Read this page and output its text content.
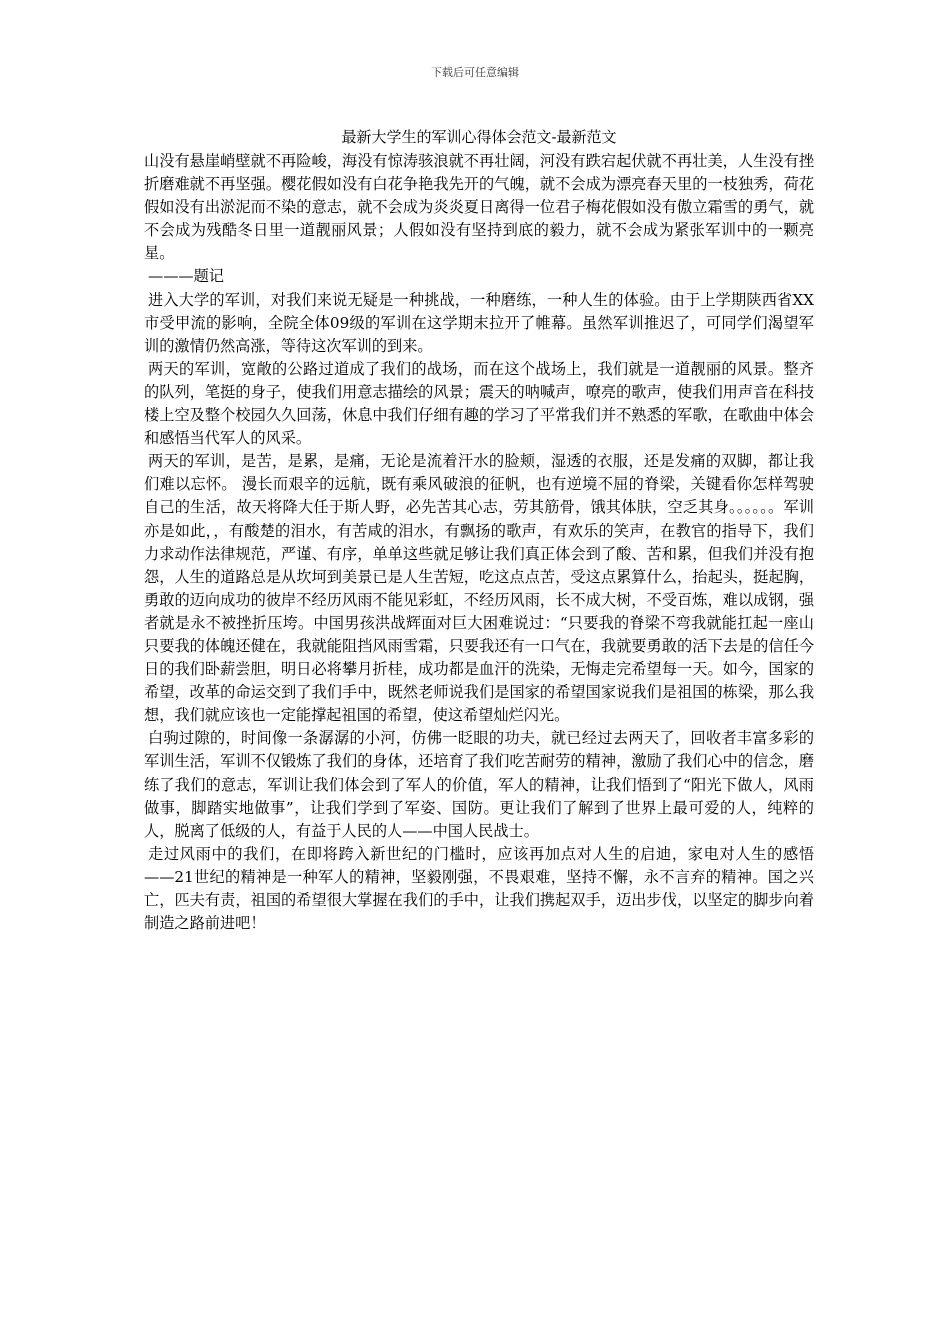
下载后可任意编辑
最新大学生的军训心得体会范文-最新范文

山没有悬崖峭壁就不再险峻，海没有惊涛骇浪就不再壮阔，河没有跌宕起伏就不再壮美，人生没有挫折磨难就不再坚强。樱花假如没有白花争艳我先开的气魄，就不会成为漂亮春天里的一枝独秀，荷花假如没有出淤泥而不染的意志，就不会成为炎炎夏日离得一位君子梅花假如没有傲立霜雪的勇气，就不会成为残酷冬日里一道靓丽风景；人假如没有坚持到底的毅力，就不会成为紧张军训中的一颗亮星。

———题记

进入大学的军训，对我们来说无疑是一种挑战，一种磨练，一种人生的体验。由于上学期陕西省XX市受甲流的影响，全院全体09级的军训在这学期末拉开了帷幕。虽然军训推迟了，可同学们渴望军训的激情仍然高涨，等待这次军训的到来。

两天的军训，宽敞的公路过道成了我们的战场，而在这个战场上，我们就是一道靓丽的风景。整齐的队列，笔挺的身子，使我们用意志描绘的风景；震天的呐喊声，嘹亮的歌声，使我们用声音在科技楼上空及整个校园久久回荡，休息中我们仔细有趣的学习了平常我们并不熟悉的军歌，在歌曲中体会和感悟当代军人的风采。

两天的军训，是苦，是累，是痛，无论是流着汗水的脸颊，湿透的衣服，还是发痛的双脚，都让我们难以忘怀。 漫长而艰辛的远航，既有乘风破浪的征帆，也有逆境不屈的脊梁，关键看你怎样驾驶自己的生活，故天将降大任于斯人野，必先苦其心志，劳其筋骨，饿其体肤，空乏其身。。。。。。军训亦是如此，，有酸楚的泪水，有苦咸的泪水，有飘扬的歌声，有欢乐的笑声，在教官的指导下，我们力求动作法律规范，严谨、有序，单单这些就足够让我们真正体会到了酸、苦和累，但我们并没有抱怨，人生的道路总是从坎坷到美景已是人生苦短，吃这点点苦，受这点累算什么，抬起头，挺起胸，勇敢的迈向成功的彼岸不经历风雨不能见彩虹，不经历风雨，长不成大树，不受百炼，难以成钢，强者就是永不被挫折压垮。中国男孩洪战辉面对巨大困难说过：“只要我的脊梁不弯我就能扛起一座山只要我的体魄还健在，我就能阻挡风雨雪霜，只要我还有一口气在，我就要勇敢的活下去是的信任今日的我们卧薪尝胆，明日必将攀月折桂，成功都是血汗的洗染，无悔走完希望每一天。如今，国家的希望，改革的命运交到了我们手中，既然老师说我们是国家的希望国家说我们是祖国的栋梁，那么我想，我们就应该也一定能撑起祖国的希望，使这希望灿烂闪光。

白驹过隙的，时间像一条潺潺的小河，仿佛一眨眼的功夫，就已经过去两天了，回收者丰富多彩的军训生活，军训不仅锻炼了我们的身体，还培育了我们吃苦耐劳的精神，激励了我们心中的信念，磨练了我们的意志，军训让我们体会到了军人的价值，军人的精神，让我们悟到了“阳光下做人，风雨做事，脚踏实地做事”，让我们学到了军姿、国防。更让我们了解到了世界上最可爱的人，纯粹的人，脱离了低级的人，有益于人民的人——中国人民战士。

走过风雨中的我们，在即将跨入新世纪的门槛时，应该再加点对人生的启迪，家电对人生的感悟——21世纪的精神是一种军人的精神，坚毅刚强，不畏艰难，坚持不懈，永不言弃的精神。国之兴亡，匹夫有责，祖国的希望很大掌握在我们的手中，让我们携起双手，迈出步伐，以坚定的脚步向着制造之路前进吧！
